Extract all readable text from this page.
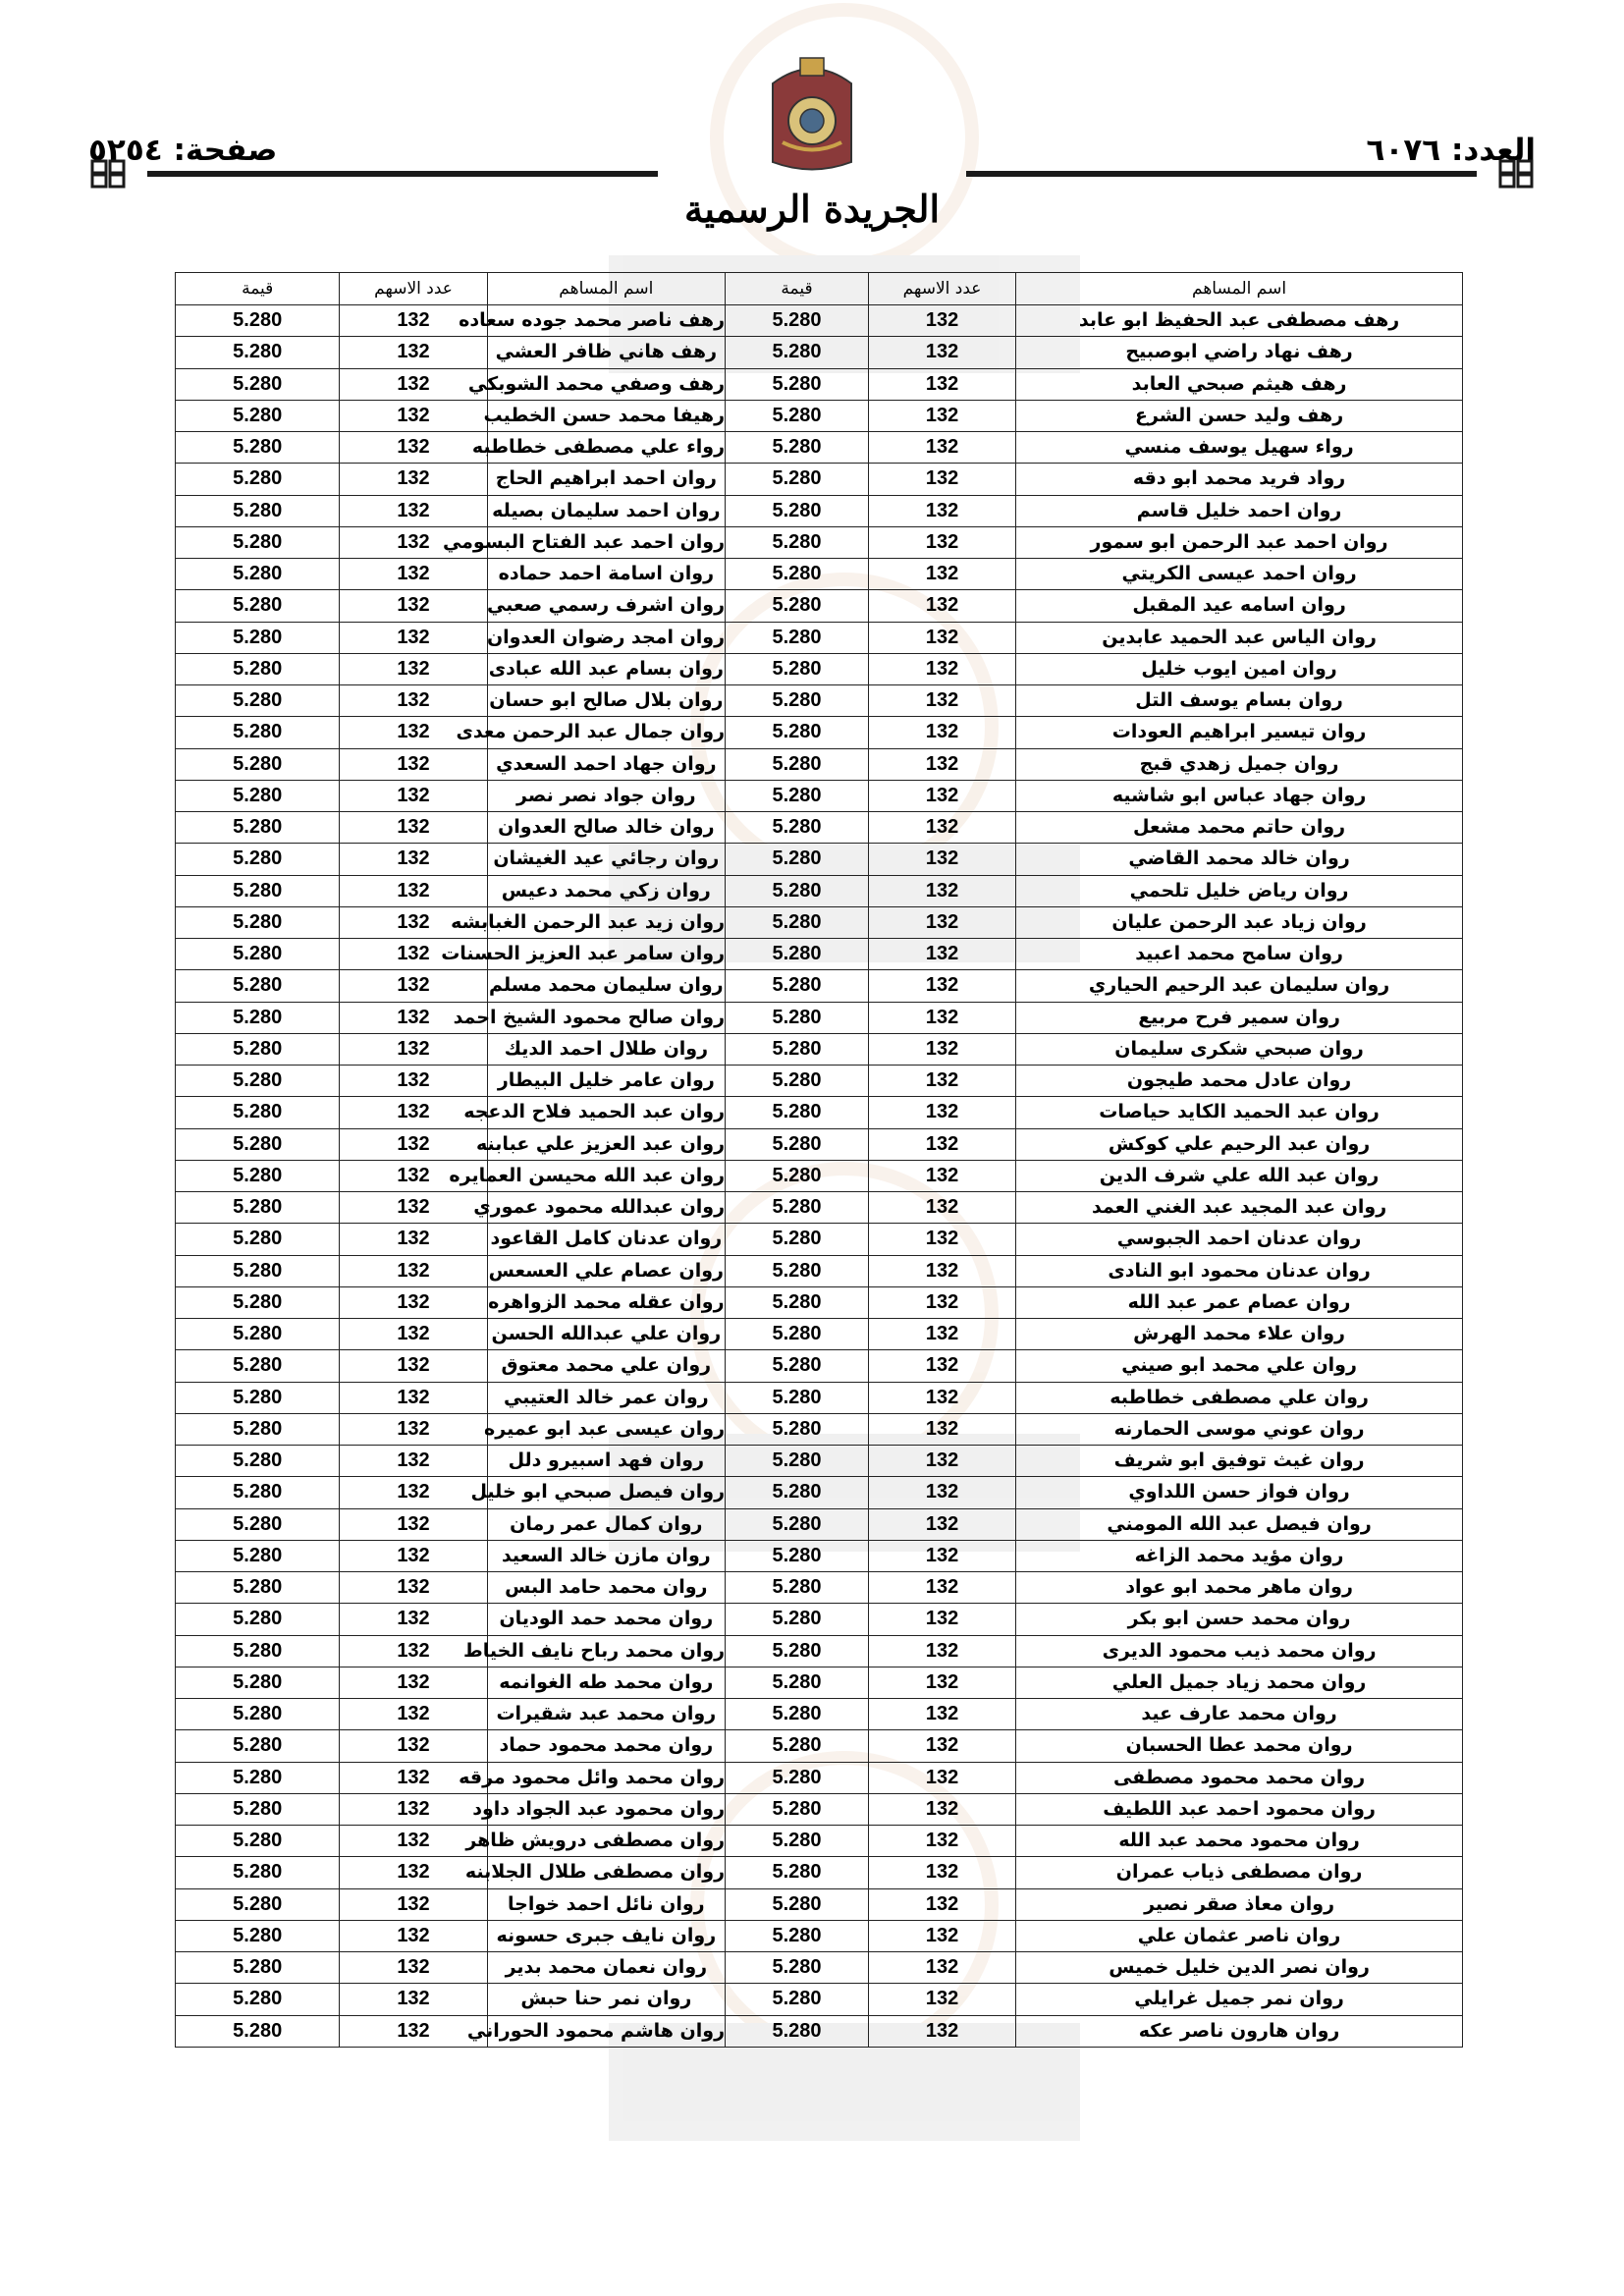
العدد: ٦٠٧٦
صفحة: ٥٢٥٤
الجريدة الرسمية
اسم المساهم	عدد الاسهم	قيمة	اسم المساهم	عدد الاسهم	قيمة
رهف مصطفى عبد الحفيظ ابو عابد	132	5.280	رهف ناصر محمد جوده سعاده	132	5.280
رهف نهاد راضي ابوصبيح	132	5.280	رهف هاني ظافر العشي	132	5.280
رهف هيثم صبحي العابد	132	5.280	رهف وصفي محمد الشوبكي	132	5.280
رهف وليد حسن الشرع	132	5.280	رهيفا محمد حسن الخطيب	132	5.280
رواء سهيل يوسف منسي	132	5.280	رواء علي مصطفى خطاطبه	132	5.280
رواد فريد محمد ابو دقه	132	5.280	روان احمد ابراهيم الحاج	132	5.280
روان احمد خليل قاسم	132	5.280	روان احمد سليمان بصيله	132	5.280
روان احمد عبد الرحمن ابو سمور	132	5.280	روان احمد عبد الفتاح البسومي	132	5.280
روان احمد عيسى الكريتي	132	5.280	روان اسامة احمد حماده	132	5.280
روان اسامه عيد المقبل	132	5.280	روان اشرف رسمي صعبي	132	5.280
روان الياس عبد الحميد عابدين	132	5.280	روان امجد رضوان العدوان	132	5.280
روان امين ايوب خليل	132	5.280	روان بسام عبد الله عبادى	132	5.280
روان بسام يوسف التل	132	5.280	روان بلال صالح ابو حسان	132	5.280
روان تيسير ابراهيم العودات	132	5.280	روان جمال عبد الرحمن معدى	132	5.280
روان جميل زهدي قبج	132	5.280	روان جهاد احمد السعدي	132	5.280
روان جهاد عباس ابو شاشيه	132	5.280	روان جواد نصر نصر	132	5.280
روان حاتم محمد مشعل	132	5.280	روان خالد صالح العدوان	132	5.280
روان خالد محمد القاضي	132	5.280	روان رجائي عيد الغيشان	132	5.280
روان رياض خليل تلحمي	132	5.280	روان زكي محمد دعيس	132	5.280
روان زياد عبد الرحمن عليان	132	5.280	روان زيد عبد الرحمن الغبابشه	132	5.280
روان سامح محمد اعبيد	132	5.280	روان سامر عبد العزيز الحسنات	132	5.280
روان سليمان عبد الرحيم الحياري	132	5.280	روان سليمان محمد مسلم	132	5.280
روان سمير فرح مربيع	132	5.280	روان صالح محمود الشيخ احمد	132	5.280
روان صبحي شكرى سليمان	132	5.280	روان طلال احمد الديك	132	5.280
روان عادل محمد طيجون	132	5.280	روان عامر خليل البيطار	132	5.280
روان عبد الحميد الكايد حياصات	132	5.280	روان عبد الحميد فلاح الدعجه	132	5.280
روان عبد الرحيم علي كوكش	132	5.280	روان عبد العزيز علي عبابنه	132	5.280
روان عبد الله علي شرف الدين	132	5.280	روان عبد الله محيسن العمايره	132	5.280
روان عبد المجيد عبد الغني العمد	132	5.280	روان عبدالله محمود عموري	132	5.280
روان عدنان احمد الجبوسي	132	5.280	روان عدنان كامل القاعود	132	5.280
روان عدنان محمود ابو النادى	132	5.280	روان عصام علي العسعس	132	5.280
روان عصام عمر عبد الله	132	5.280	روان عقله محمد الزواهره	132	5.280
روان علاء محمد الهرش	132	5.280	روان علي عبدالله الحسن	132	5.280
روان علي محمد ابو صيني	132	5.280	روان علي محمد معتوق	132	5.280
روان علي مصطفى خطاطبه	132	5.280	روان عمر خالد العتيبي	132	5.280
روان عوني موسى الحمارنه	132	5.280	روان عيسى عبد ابو عميره	132	5.280
روان غيث توفيق ابو شريف	132	5.280	روان فهد اسبيرو دلل	132	5.280
روان فواز حسن اللداوي	132	5.280	روان فيصل صبحي ابو خليل	132	5.280
روان فيصل عبد الله المومني	132	5.280	روان كمال عمر رمان	132	5.280
روان مؤيد محمد الزاغه	132	5.280	روان مازن خالد السعيد	132	5.280
روان ماهر محمد ابو عواد	132	5.280	روان محمد حامد البس	132	5.280
روان محمد حسن ابو بكر	132	5.280	روان محمد حمد الوديان	132	5.280
روان محمد ذيب محمود الديرى	132	5.280	روان محمد رباح نايف الخياط	132	5.280
روان محمد زياد جميل العلي	132	5.280	روان محمد طه الغوانمه	132	5.280
روان محمد عارف عيد	132	5.280	روان محمد عبد شقيرات	132	5.280
روان محمد عطا الحسبان	132	5.280	روان محمد محمود حماد	132	5.280
روان محمد محمود مصطفى	132	5.280	روان محمد وائل محمود مرقه	132	5.280
روان محمود احمد عبد اللطيف	132	5.280	روان محمود عبد الجواد داود	132	5.280
روان محمود محمد عبد الله	132	5.280	روان مصطفى درويش ظاهر	132	5.280
روان مصطفى ذياب عمران	132	5.280	روان مصطفى طلال الجلابنه	132	5.280
روان معاذ صقر نصير	132	5.280	روان نائل احمد خواجا	132	5.280
روان ناصر عثمان علي	132	5.280	روان نايف جبرى حسونه	132	5.280
روان نصر الدين خليل خميس	132	5.280	روان نعمان محمد بدير	132	5.280
روان نمر جميل غرايلي	132	5.280	روان نمر حنا حبش	132	5.280
روان هارون ناصر عكه	132	5.280	روان هاشم محمود الحوراني	132	5.280
